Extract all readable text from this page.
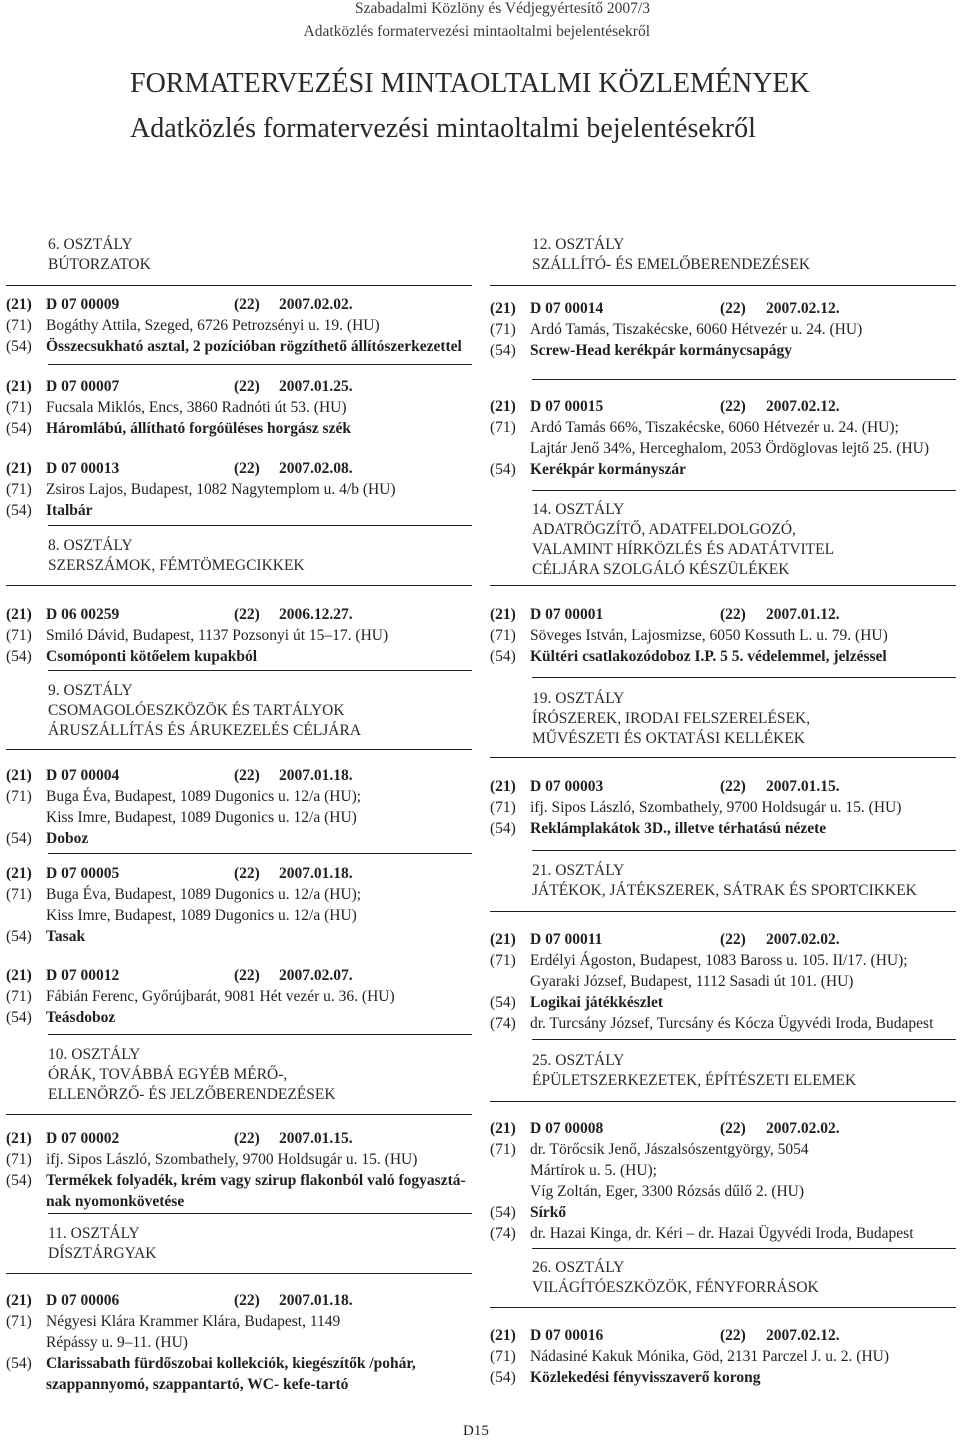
Szabadalmi Közlöny és Védjegyértesítő 2007/3
Adatközlés formatervezési mintaoltalmi bejelentésekről
FORMATERVEZÉSI MINTAOLTALMI KÖZLEMÉNYEK
Adatközlés formatervezési mintaoltalmi bejelentésekről
6. OSZTÁLY
BÚTORZATOK
(21) D 07 00009	(22) 2007.02.02.
(71) Bogáthy Attila, Szeged, 6726 Petrozsényi u. 19. (HU)
(54) Összecsukható asztal, 2 pozícióban rögzíthető állítószerkezettel
(21) D 07 00007	(22) 2007.01.25.
(71) Fucsala Miklós, Encs, 3860 Radnóti út 53. (HU)
(54) Háromlábú, állítható forgóüléses horgász szék
(21) D 07 00013	(22) 2007.02.08.
(71) Zsiros Lajos, Budapest, 1082 Nagytemplom u. 4/b (HU)
(54) Italbár
8. OSZTÁLY
SZERSZÁMOK, FÉMTÖMEGCIKKEK
(21) D 06 00259	(22) 2006.12.27.
(71) Smiló Dávid, Budapest, 1137 Pozsonyi út 15–17. (HU)
(54) Csomóponti kötőelem kupakból
9. OSZTÁLY
CSOMAGOLÓESZKÖZÖK ÉS TARTÁLYOK
ÁRUSZÁLLÍTÁS ÉS ÁRUKEZELÉS CÉLJÁRA
(21) D 07 00004	(22) 2007.01.18.
(71) Buga Éva, Budapest, 1089 Dugonics u. 12/a (HU);
Kiss Imre, Budapest, 1089 Dugonics u. 12/a (HU)
(54) Doboz
(21) D 07 00005	(22) 2007.01.18.
(71) Buga Éva, Budapest, 1089 Dugonics u. 12/a (HU);
Kiss Imre, Budapest, 1089 Dugonics u. 12/a (HU)
(54) Tasak
(21) D 07 00012	(22) 2007.02.07.
(71) Fábián Ferenc, Győrújbarát, 9081 Hét vezér u. 36. (HU)
(54) Teásdoboz
10. OSZTÁLY
ÓRÁK, TOVÁBBÁ EGYÉB MÉRŐ-,
ELLENŐRZŐ- ÉS JELZŐBERENDEZÉSEK
(21) D 07 00002	(22) 2007.01.15.
(71) ifj. Sipos László, Szombathely, 9700 Holdsugár u. 15. (HU)
(54) Termékek folyadék, krém vagy szirup flakonból való fogyasztá-
nak nyomonkövetése
11. OSZTÁLY
DÍSZTÁRGYAK
(21) D 07 00006	(22) 2007.01.18.
(71) Négyesi Klára Krammer Klára, Budapest, 1149
Répássy u. 9–11. (HU)
(54) Clarissabath fürdőszobai kollekciók, kiegészítők /pohár,
szappannyomó, szappantartó, WC- kefe-tartó
12. OSZTÁLY
SZÁLLÍTÓ- ÉS EMELŐBERENDEZÉSEK
(21) D 07 00014	(22) 2007.02.12.
(71) Ardó Tamás, Tiszakécske, 6060 Hétvezér u. 24. (HU)
(54) Screw-Head kerékpár kormánycsapágy
(21) D 07 00015	(22) 2007.02.12.
(71) Ardó Tamás 66%, Tiszakécske, 6060 Hétvezér u. 24. (HU);
Lajtár Jenő 34%, Herceghalom, 2053 Ördöglovas lejtő 25. (HU)
(54) Kerékpár kormányszár
14. OSZTÁLY
ADATRÖGZÍTŐ, ADATFELDOLGOZÓ,
VALAMINT HÍRKÖZLÉS ÉS ADATÁTVITEL
CÉLJÁRA SZOLGÁLÓ KÉSZÜLÉKEK
(21) D 07 00001	(22) 2007.01.12.
(71) Söveges István, Lajosmizse, 6050 Kossuth L. u. 79. (HU)
(54) Kültéri csatlakozódoboz I.P. 5 5. védelemmel, jelzéssel
19. OSZTÁLY
ÍRÓSZEREK, IRODAI FELSZERELÉSEK,
MŰVÉSZETI ÉS OKTATÁSI KELLÉKEK
(21) D 07 00003	(22) 2007.01.15.
(71) ifj. Sipos László, Szombathely, 9700 Holdsugár u. 15. (HU)
(54) Reklámplakátok 3D., illetve térhatású nézete
21. OSZTÁLY
JÁTÉKOK, JÁTÉKSZEREK, SÁTRAK ÉS SPORTCIKKEK
(21) D 07 00011	(22) 2007.02.02.
(71) Erdélyi Ágoston, Budapest, 1083 Baross u. 105. II/17. (HU);
Gyaraki József, Budapest, 1112 Sasadi út 101. (HU)
(54) Logikai játékkészlet
(74) dr. Turcsány József, Turcsány és Kócza Ügyvédi Iroda, Budapest
25. OSZTÁLY
ÉPÜLETSZERKEZETEK, ÉPÍTÉSZETI ELEMEK
(21) D 07 00008	(22) 2007.02.02.
(71) dr. Törőcsik Jenő, Jászalsószentgyörgy, 5054
Mártírok u. 5. (HU);
Víg Zoltán, Eger, 3300 Rózsás dűlő 2. (HU)
(54) Sírkő
(74) dr. Hazai Kinga, dr. Kéri – dr. Hazai Ügyvédi Iroda, Budapest
26. OSZTÁLY
VILÁGÍTÓESZKÖZÖK, FÉNYFORRÁSOK
(21) D 07 00016	(22) 2007.02.12.
(71) Nádasiné Kakuk Mónika, Göd, 2131 Parczel J. u. 2. (HU)
(54) Közlekedési fényvisszaverő korong
D15
